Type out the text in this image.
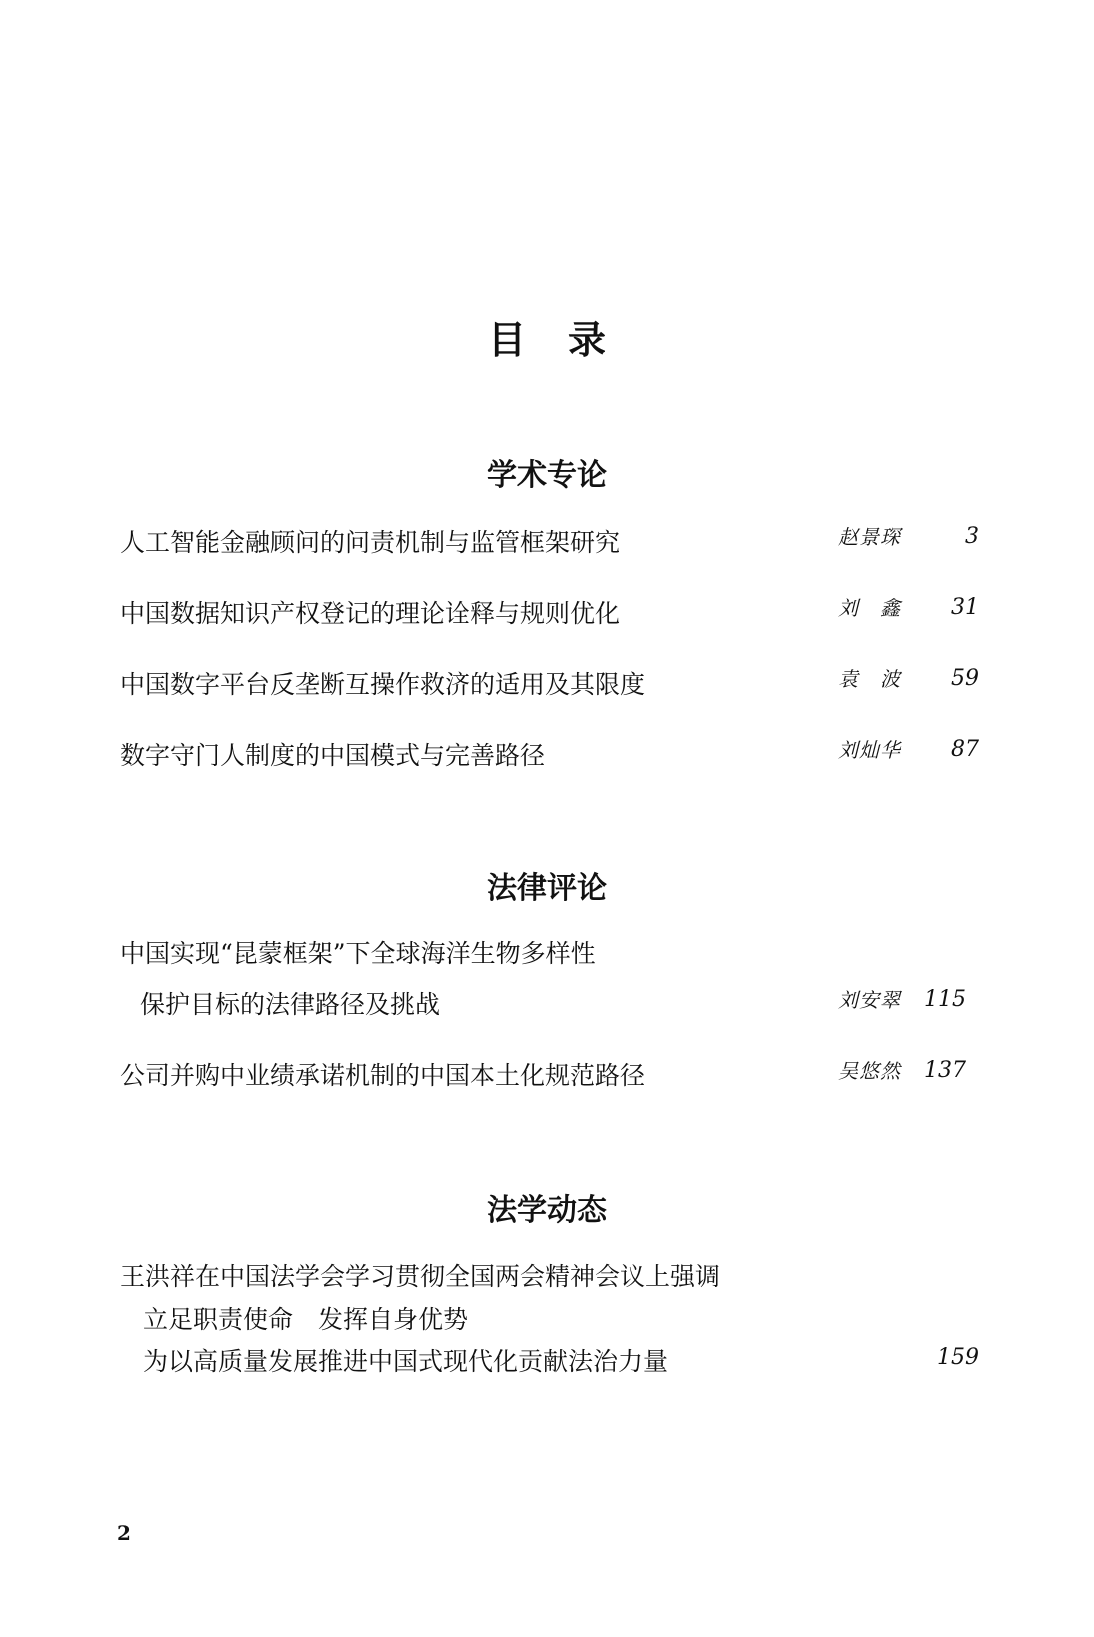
目录
学术专论
人工智能金融顾问的问责机制与监管框架研究	赵景琛	3
中国数据知识产权登记的理论诠释与规则优化	刘鑫 31
中国数字平台反垄断互操作救济的适用及其限度	袁波 59
数字守门人制度的中国模式与完善路径	刘灿华 87
法律评论
中国实现“昆蒙框架”下全球海洋生物多样性
保护目标的法律路径及挑战	刘安翠 115
公司并购中业绩承诺机制的中国本土化规范路径	吴悠然 137
法学动态
王洪祥在中国法学会学习贯彻全国两会精神会议上强调
立足职责使命　发挥自身优势
为以高质量发展推进中国式现代化贡献法治力量	159
2
